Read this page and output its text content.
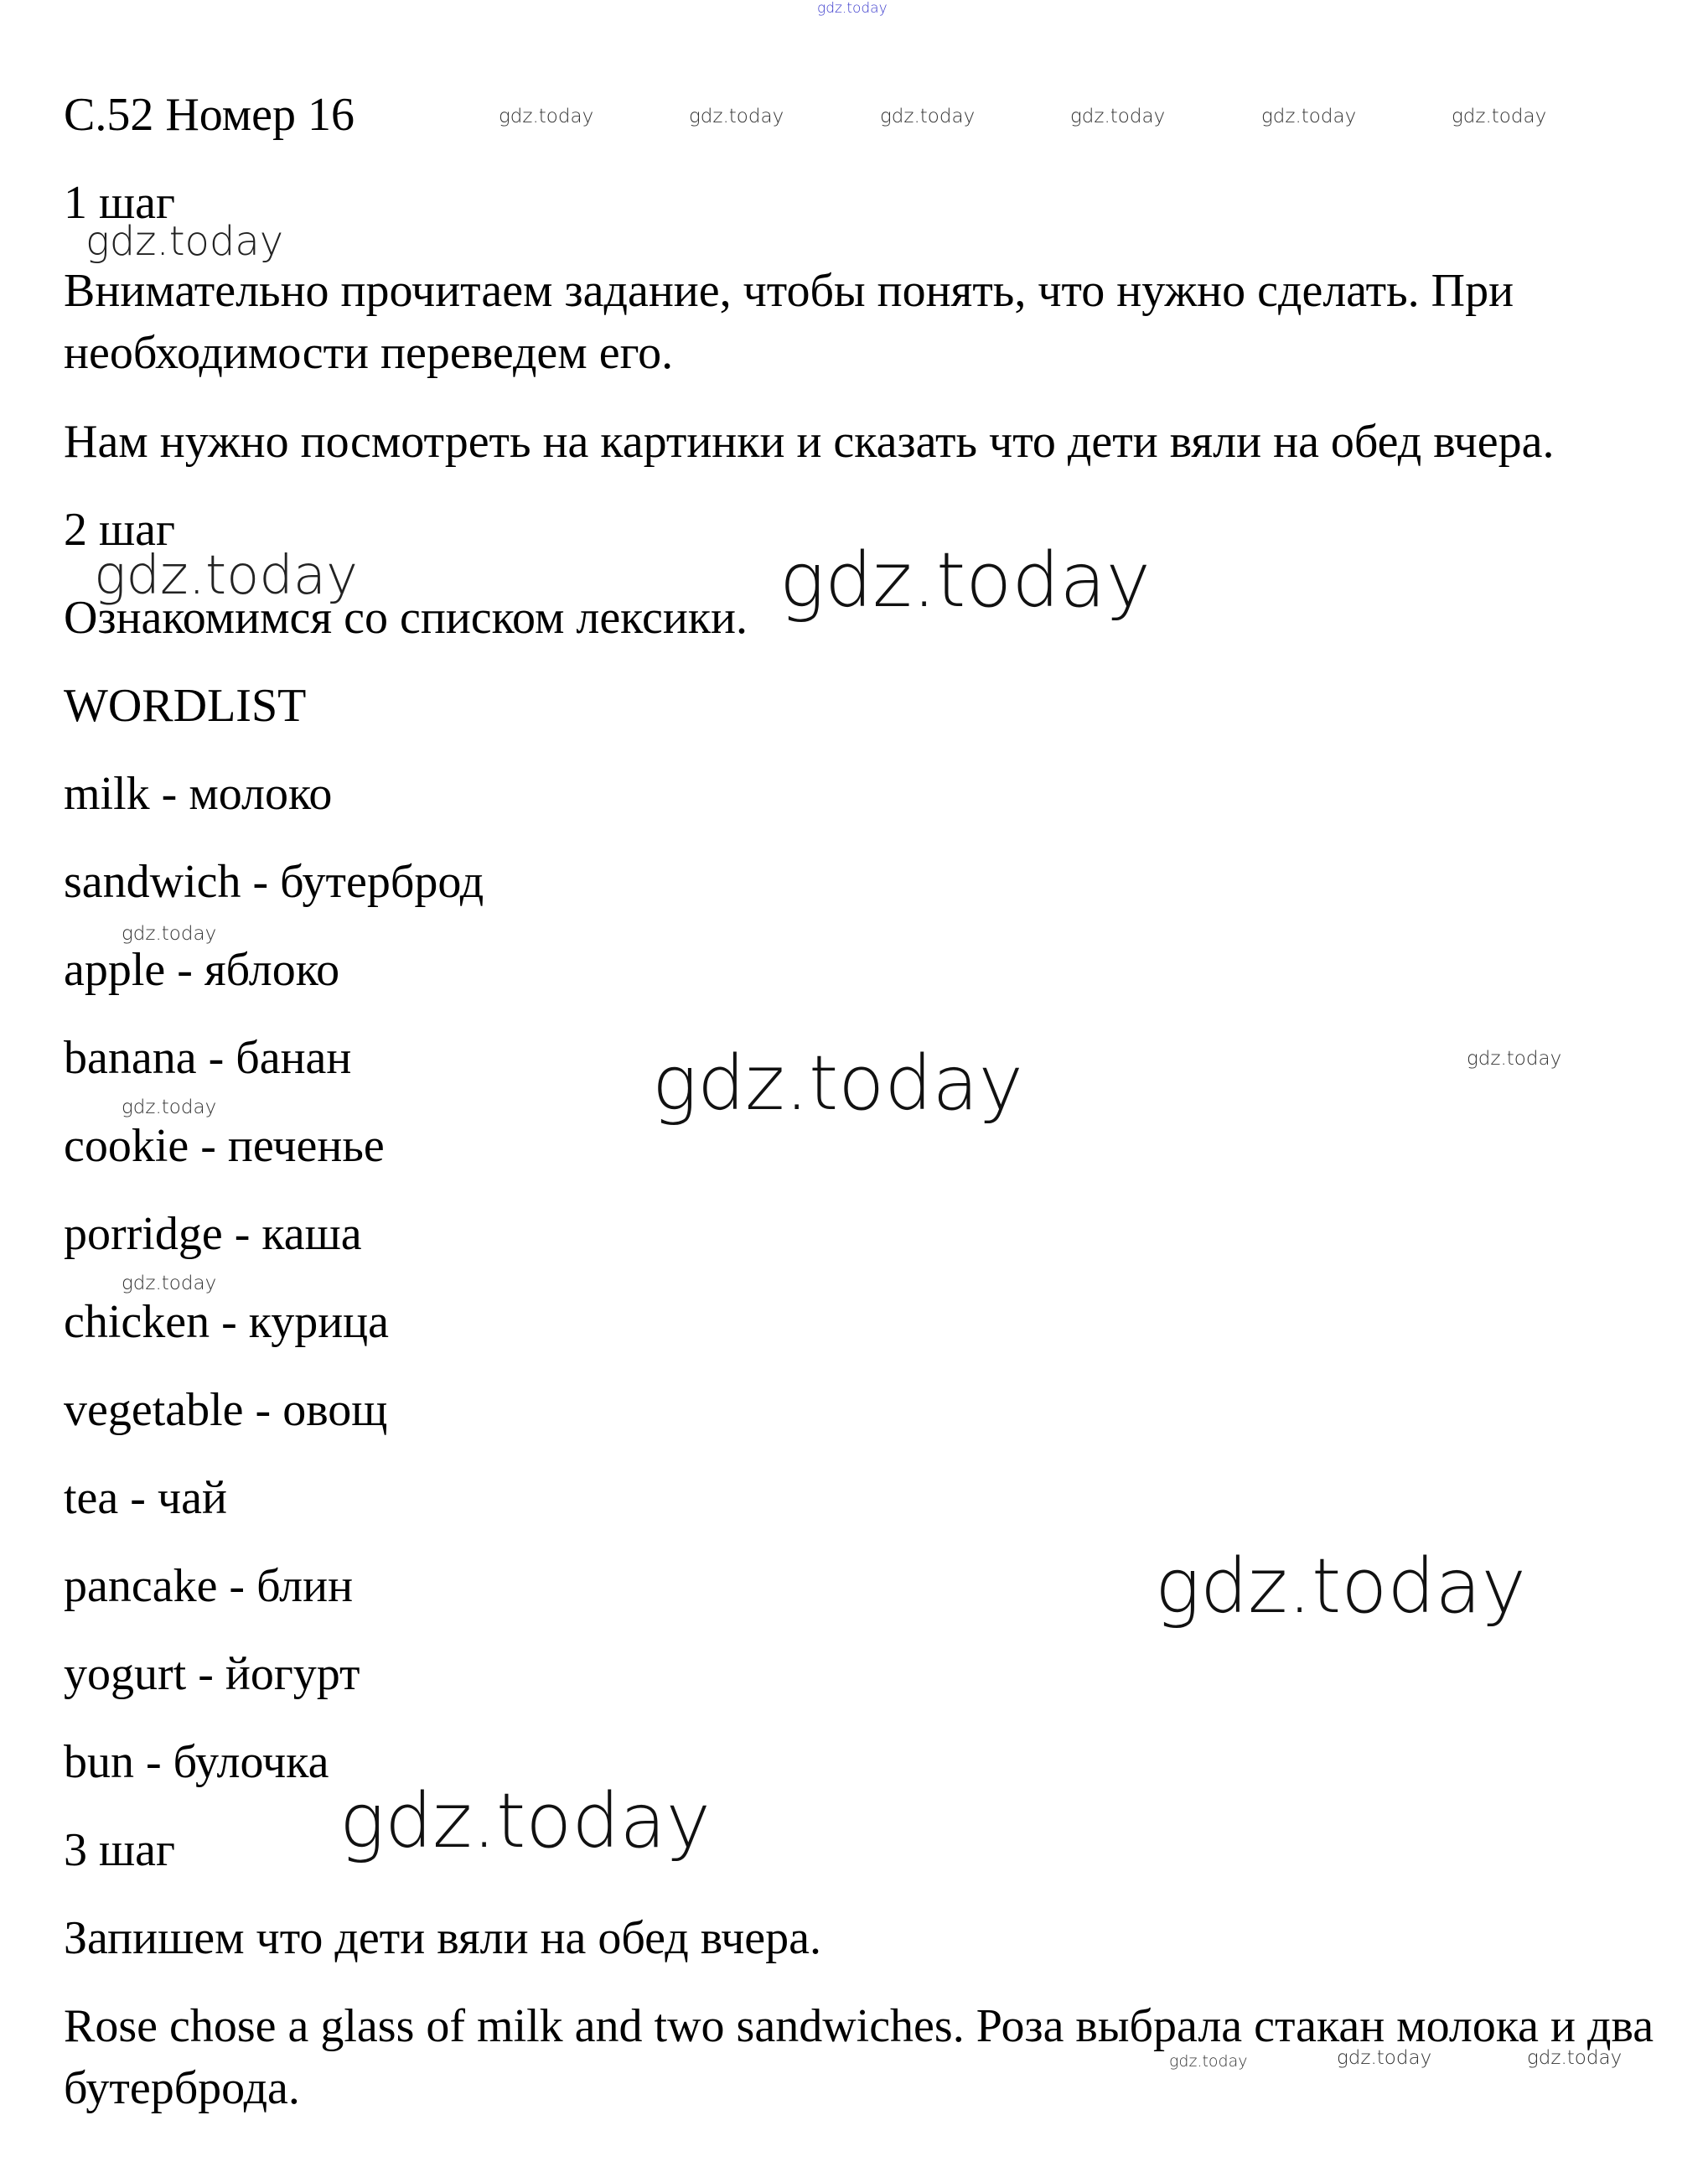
gdz.today
С.52 Номер 16	gdz.today	gdz.today	gdz.today	gdz.today	gdz.today	gdz.today
1 шаг
gdz.today
Внимательно прочитаем задание, чтобы понять, что нужно сделать. При необходимости переведем его.
Нам нужно посмотреть на картинки и сказать что дети вяли на обед вчера.
2 шаг
gdz.today
Ознакомимся со списком лексики. gdz.today
WORDLIST
milk - молоко
sandwich - бутерброд
gdz.today
apple - яблоко
banana - банан	gdz.today	gdz.today
gdz.today
cookie - печенье
porridge - каша
gdz.today
chicken - курица
vegetable - овощ
tea - чай
pancake - блин	gdz.today
yogurt - йогурт
bun - булочка
gdz.today
3 шаг
Запишем что дети вяли на обед вчера.
Rose chose a glass of milk and two sandwiches. Роза выбрала стакан молока и два бутерброда.
gdz.today	gdz.today	gdz.today
